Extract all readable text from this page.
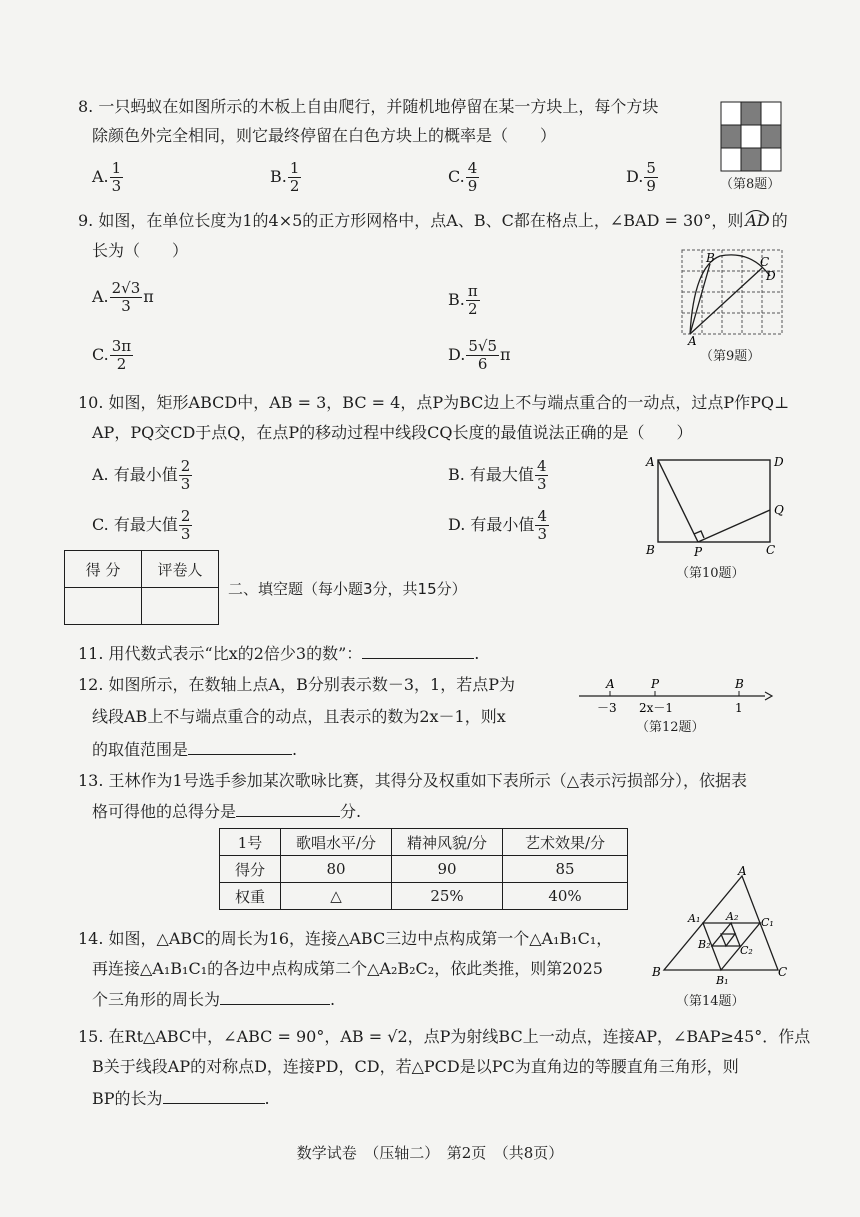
8. 一只蚂蚁在如图所示的木板上自由爬行，并随机地停留在某一方块上，每个方块
除颜色外完全相同，则它最终停留在白色方块上的概率是（　　）
A. $\frac{1}{3}$	B. $\frac{1}{2}$	C. $\frac{4}{9}$	D. $\frac{5}{9}$	（第8题）
9. 如图，在单位长度为1的4×5的正方形网格中，点A、B、C都在格点上，∠BAD = 30°，则 AD 的
长为（　　）
A. $\frac{2√3}{3}$ π	B. $\frac{\pi}{2}$
C. $\frac{3\pi}{2}$	D. $\frac{5√5}{6}$ π
B	C
D
A
（第9题）
10. 如图，矩形ABCD中，AB = 3，BC = 4，点P为BC边上不与端点重合的一动点，过点P作PQ⊥
AP，PQ交CD于点Q，在点P的移动过程中线段CQ长度的最值说法正确的是（　　）
A. 有最小值 $\frac{2}{3}$	B. 有最大值 $\frac{4}{3}$
C. 有最大值 $\frac{2}{3}$	D. 有最小值 $\frac{4}{3}$
A	D
Q
B	P	C
（第10题）
得 分	评卷人

二、填空题（每小题3分，共15分）
11. 用代数式表示“比x的2倍少3的数”：	.
12. 如图所示，在数轴上点A，B分别表示数－3，1，若点P为
线段AB上不与端点重合的动点，且表示的数为2x－1，则x
的取值范围是	.
A	P	B
－3 2x－1	1
（第12题）
13. 王林作为1号选手参加某次歌咏比赛，其得分及权重如下表所示（△表示污损部分），依据表
格可得他的总得分是	分.
1号	歌唱水平/分	精神风貌/分	艺术效果/分
得分	80	90	85
权重	△	25%	40%
14. 如图，△ABC的周长为16，连接△ABC三边中点构成第一个△A₁B₁C₁，
再连接△A₁B₁C₁的各边中点构成第二个△A₂B₂C₂，依此类推，则第2025
个三角形的周长为	.
A
B	C
A₁	C₁
B₁
A₂
B₂	C₂
（第14题）
15. 在Rt△ABC中，∠ABC = 90°，AB = √2，点P为射线BC上一动点，连接AP，∠BAP≥45°．作点
B关于线段AP的对称点D，连接PD，CD，若△PCD是以PC为直角边的等腰直角三角形，则
BP的长为	.
数学试卷　（压轴二）　第2页　（共8页）
